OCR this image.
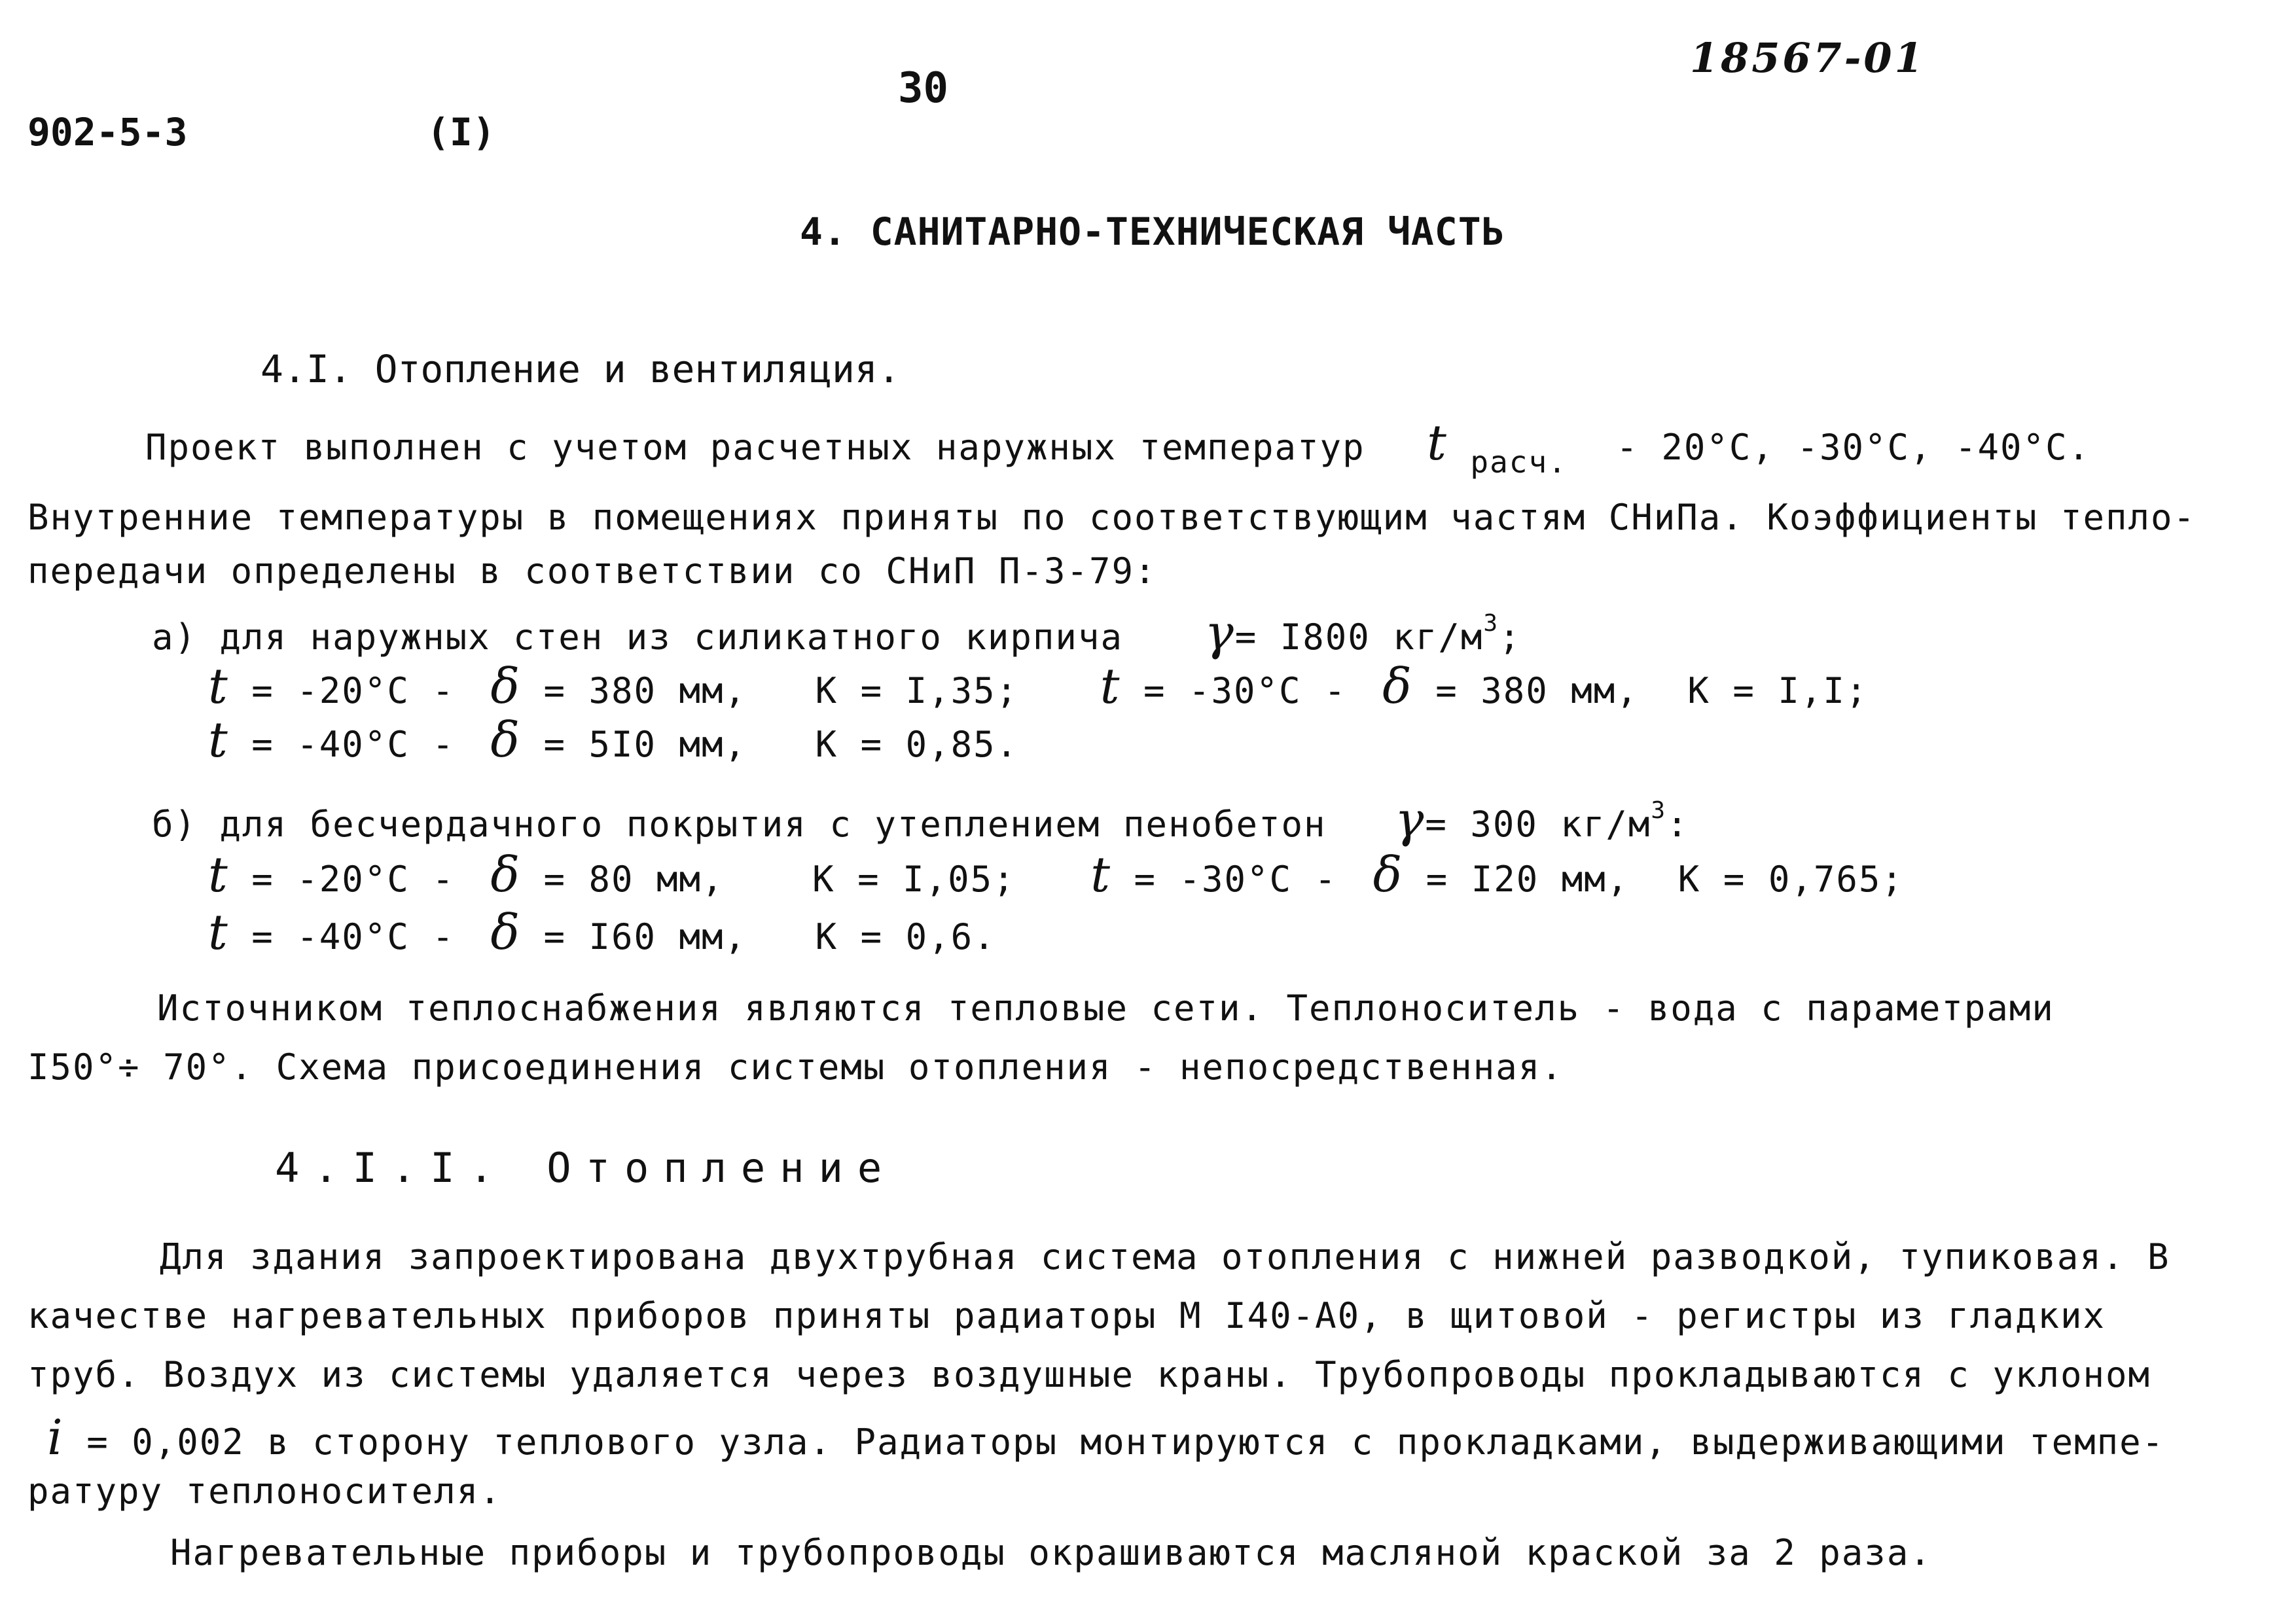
902-5-3	(I)
30
18567-01
4. САНИТАРНО-ТЕХНИЧЕСКАЯ ЧАСТЬ
4.I. Отопление и вентиляция.
Проект выполнен с учетом расчетных наружных температур t расч. - 20°C, -30°C, -40°C.
Внутренние температуры в помещениях приняты по соответствующим частям СНиПа. Коэффициенты тепло-
передачи определены в соответствии со СНиП П-3-79:
а) для наружных стен из силикатного кирпича γ= I800 $кг/м^3$;
t = -20°C - δ = 380 мм, К = I,35; t = -30°C - δ = 380 мм, К = I,I;
t = -40°C - δ = 5I0 мм, К = 0,85.
б) для бесчердачного покрытия с утеплением пенобетон γ= 300 $кг/м^3$:
t = -20°C - δ = 80 мм, К = I,05; t = -30°C - δ = I20 мм, К = 0,765;
t = -40°C - δ = I60 мм, К = 0,6.
Источником теплоснабжения являются тепловые сети. Теплоноситель - вода с параметрами
I50°÷ 70°. Схема присоединения системы отопления - непосредственная.
4.I.I. Отопление
Для здания запроектирована двухтрубная система отопления с нижней разводкой, тупиковая. В
качестве нагревательных приборов приняты радиаторы М I40-А0, в щитовой - регистры из гладких
труб. Воздух из системы удаляется через воздушные краны. Трубопроводы прокладываются с уклоном
i = 0,002 в сторону теплового узла. Радиаторы монтируются с прокладками, выдерживающими темпе-
ратуру теплоносителя.
Нагревательные приборы и трубопроводы окрашиваются масляной краской за 2 раза.
